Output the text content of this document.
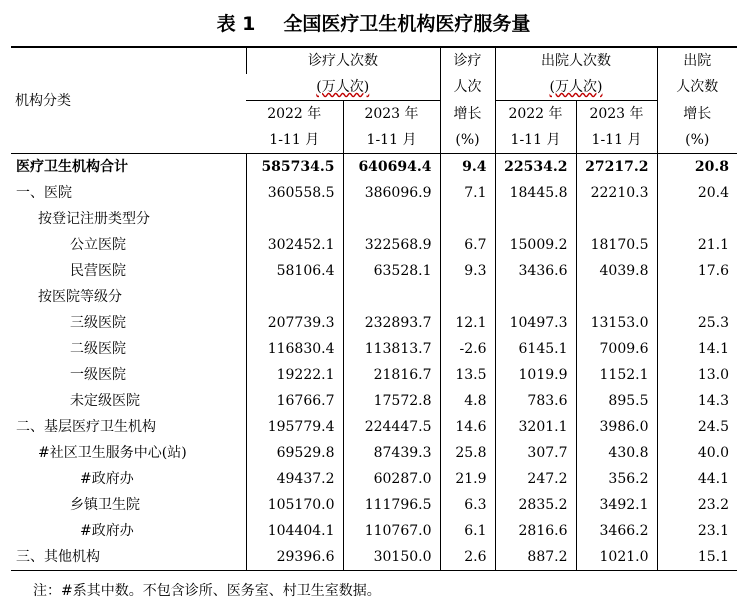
表 1 全国医疗卫生机构医疗服务量
机构分类	诊疗人次数		诊疗	出院人次数		出院
	(万人次)		人次	(万人次)		人次数
	2022 年	2023 年	增长	2022 年	2023 年	增长
	1-11 月	1-11 月	(%)	1-11 月	1-11 月	(%)
医疗卫生机构合计	585734.5	640694.4	9.4	22534.2	27217.2	20.8
一、医院	360558.5	386096.9	7.1	18445.8	22210.3	20.4
按登记注册类型分						
公立医院	302452.1	322568.9	6.7	15009.2	18170.5	21.1
民营医院	58106.4	63528.1	9.3	3436.6	4039.8	17.6
按医院等级分						
三级医院	207739.3	232893.7	12.1	10497.3	13153.0	25.3
二级医院	116830.4	113813.7	-2.6	6145.1	7009.6	14.1
一级医院	19222.1	21816.7	13.5	1019.9	1152.1	13.0
未定级医院	16766.7	17572.8	4.8	783.6	895.5	14.3
二、基层医疗卫生机构	195779.4	224447.5	14.6	3201.1	3986.0	24.5
#社区卫生服务中心(站)	69529.8	87439.3	25.8	307.7	430.8	40.0
#政府办	49437.2	60287.0	21.9	247.2	356.2	44.1
乡镇卫生院	105170.0	111796.5	6.3	2835.2	3492.1	23.2
#政府办	104404.1	110767.0	6.1	2816.6	3466.2	23.1
三、其他机构	29396.6	30150.0	2.6	887.2	1021.0	15.1
注：#系其中数。不包含诊所、医务室、村卫生室数据。
